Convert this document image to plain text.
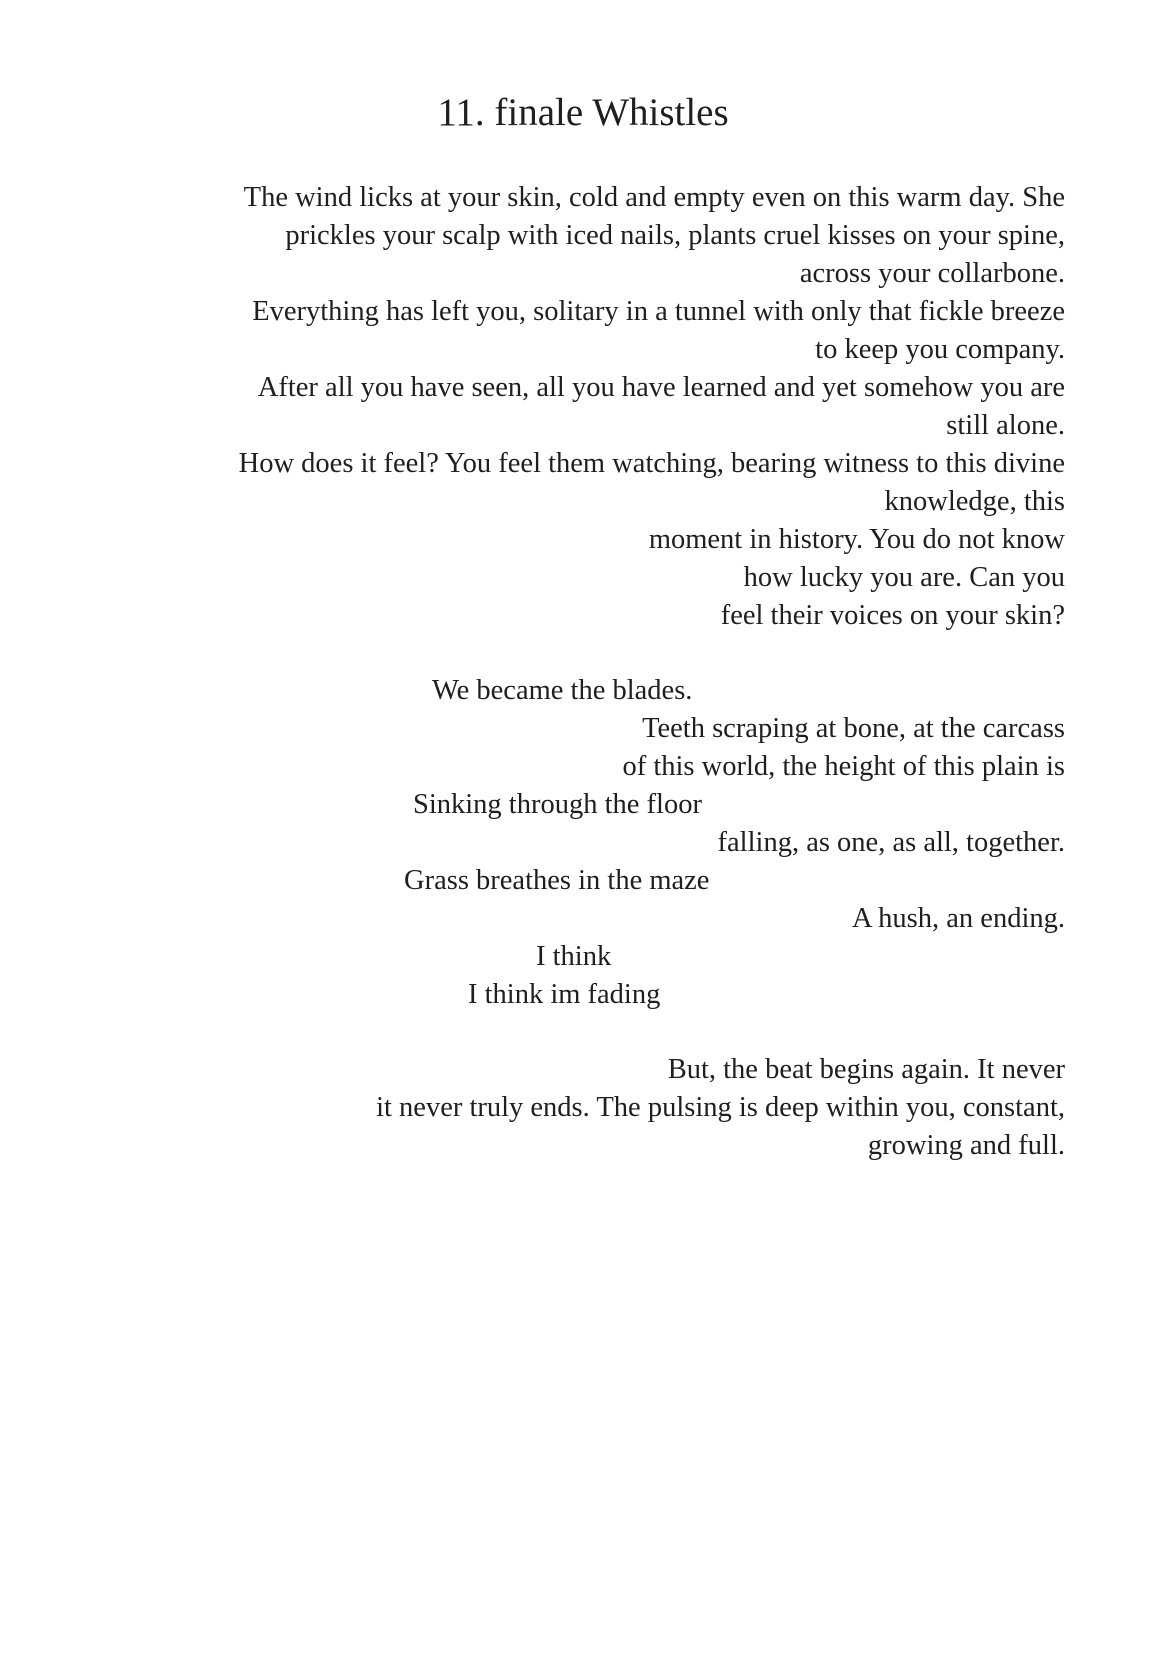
11. finale Whistles
The wind licks at your skin, cold and empty even on this warm day. She
prickles your scalp with iced nails, plants cruel kisses on your spine,
across your collarbone.
Everything has left you, solitary in a tunnel with only that fickle breeze
to keep you company.
After all you have seen, all you have learned and yet somehow you are
still alone.
How does it feel? You feel them watching, bearing witness to this divine
knowledge, this
moment in history. You do not know
how lucky you are. Can you
feel their voices on your skin?
We became the blades.
Teeth scraping at bone, at the carcass
of this world, the height of this plain is
Sinking through the floor
falling, as one, as all, together.
Grass breathes in the maze
A hush, an ending.
I think
I think im fading
But, the beat begins again. It never
it never truly ends. The pulsing is deep within you, constant,
growing and full.
